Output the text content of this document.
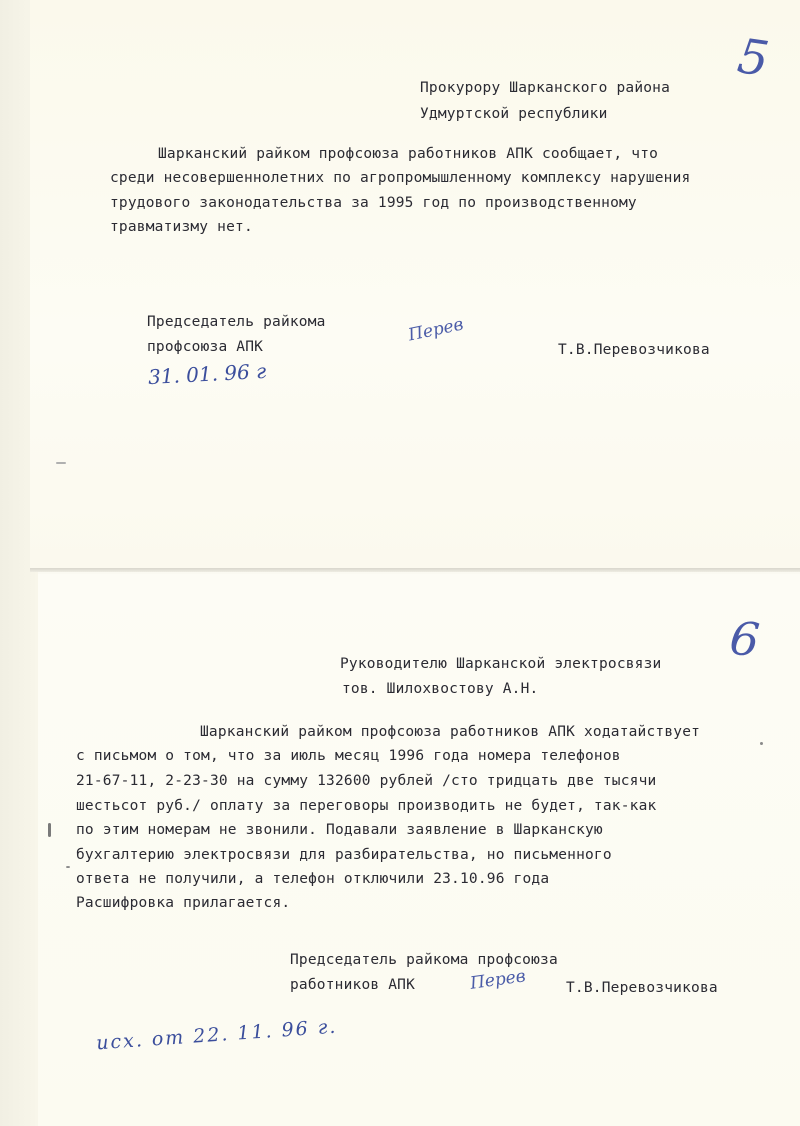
5
Прокурору Шарканского района
Удмуртской республики
Шарканский райком профсоюза работников АПК сообщает, что
среди несовершеннолетних по агропромышленному комплексу нарушения
трудового законодательства за 1995 год по производственному
травматизму нет.
Председатель райкома
профсоюза АПК
Перев
Т.В.Перевозчикова
31. 01. 96 г
6
Руководителю Шарканской электросвязи
тов. Шилохвостову А.Н.
Шарканский райком профсоюза работников АПК ходатайствует
с письмом о том, что за июль месяц 1996 года номера телефонов
21-67-11, 2-23-30 на сумму 132600 рублей /сто тридцать две тысячи
шестьсот руб./ оплату за переговоры производить не будет, так-как
по этим номерам не звонили. Подавали заявление в Шарканскую
бухгалтерию электросвязи для разбирательства, но письменного
ответа не получили, а телефон отключили 23.10.96 года
Расшифровка прилагается.
Председатель райкома профсоюза
работников АПК	Перев	Т.В.Перевозчикова
исх. от 22. 11. 96 г.
